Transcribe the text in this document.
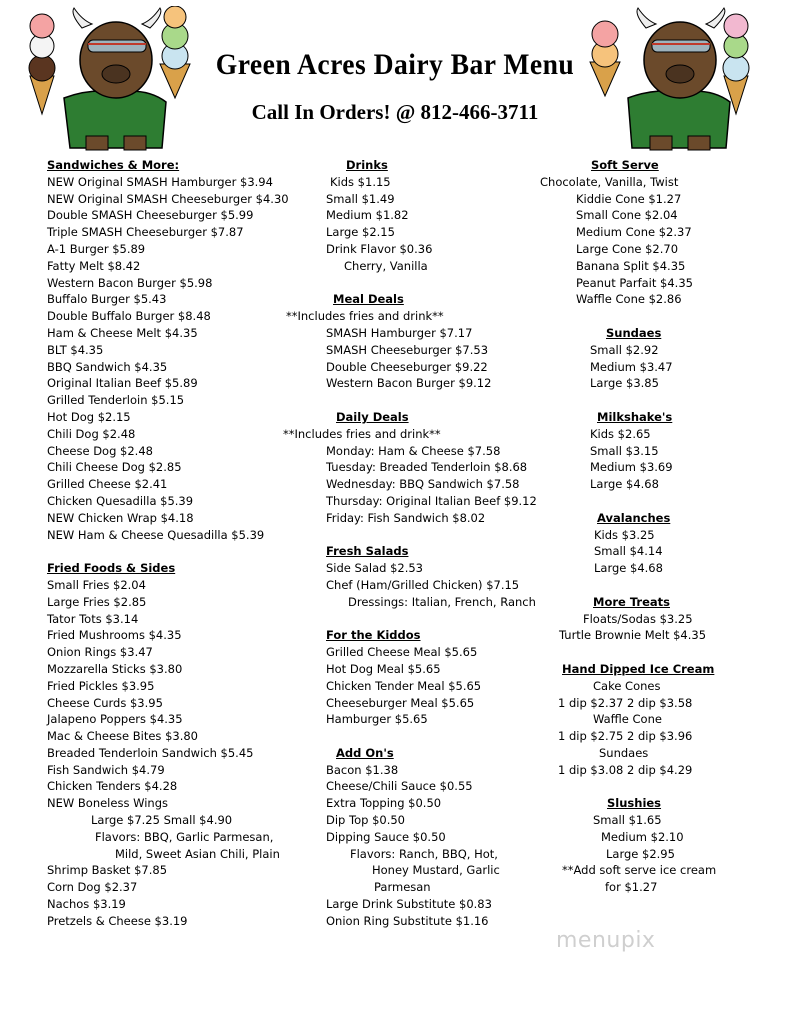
Green Acres Dairy Bar Menu
Call In Orders! @ 812-466-3711
Sandwiches & More:
NEW Original SMASH Hamburger $3.94
NEW Original SMASH Cheeseburger $4.30
Double SMASH Cheeseburger $5.99
Triple SMASH Cheeseburger $7.87
A-1 Burger $5.89
Fatty Melt $8.42
Western Bacon Burger $5.98
Buffalo Burger $5.43
Double Buffalo Burger $8.48
Ham & Cheese Melt $4.35
BLT $4.35
BBQ Sandwich $4.35
Original Italian Beef $5.89
Grilled Tenderloin $5.15
Hot Dog $2.15
Chili Dog $2.48
Cheese Dog $2.48
Chili Cheese Dog $2.85
Grilled Cheese $2.41
Chicken Quesadilla $5.39
NEW Chicken Wrap $4.18
NEW Ham & Cheese Quesadilla $5.39
Fried Foods & Sides
Small Fries $2.04
Large Fries $2.85
Tator Tots $3.14
Fried Mushrooms $4.35
Onion Rings $3.47
Mozzarella Sticks $3.80
Fried Pickles $3.95
Cheese Curds $3.95
Jalapeno Poppers $4.35
Mac & Cheese Bites $3.80
Breaded Tenderloin Sandwich $5.45
Fish Sandwich $4.79
Chicken Tenders $4.28
NEW Boneless Wings
Large $7.25 Small $4.90
Flavors: BBQ, Garlic Parmesan,
Mild, Sweet Asian Chili, Plain
Shrimp Basket $7.85
Corn Dog $2.37
Nachos $3.19
Pretzels & Cheese $3.19
Drinks
Kids $1.15
Small $1.49
Medium $1.82
Large $2.15
Drink Flavor $0.36
Cherry, Vanilla
Meal Deals
**Includes fries and drink**
SMASH Hamburger $7.17
SMASH Cheeseburger $7.53
Double Cheeseburger $9.22
Western Bacon Burger $9.12
Daily Deals
**Includes fries and drink**
Monday: Ham & Cheese $7.58
Tuesday: Breaded Tenderloin $8.68
Wednesday: BBQ Sandwich $7.58
Thursday: Original Italian Beef $9.12
Friday: Fish Sandwich $8.02
Fresh Salads
Side Salad $2.53
Chef (Ham/Grilled Chicken) $7.15
Dressings: Italian, French, Ranch
For the Kiddos
Grilled Cheese Meal $5.65
Hot Dog Meal $5.65
Chicken Tender Meal $5.65
Cheeseburger Meal $5.65
Hamburger $5.65
Add On's
Bacon $1.38
Cheese/Chili Sauce $0.55
Extra Topping $0.50
Dip Top $0.50
Dipping Sauce $0.50
Flavors: Ranch, BBQ, Hot,
Honey Mustard, Garlic
Parmesan
Large Drink Substitute $0.83
Onion Ring Substitute $1.16
Soft Serve
Chocolate, Vanilla, Twist
Kiddie Cone $1.27
Small Cone $2.04
Medium Cone $2.37
Large Cone $2.70
Banana Split $4.35
Peanut Parfait $4.35
Waffle Cone $2.86
Sundaes
Small $2.92
Medium $3.47
Large $3.85
Milkshake's
Kids $2.65
Small $3.15
Medium $3.69
Large $4.68
Avalanches
Kids $3.25
Small $4.14
Large $4.68
More Treats
Floats/Sodas $3.25
Turtle Brownie Melt $4.35
Hand Dipped Ice Cream
Cake Cones
1 dip $2.37 2 dip $3.58
Waffle Cone
1 dip $2.75 2 dip $3.96
Sundaes
1 dip $3.08 2 dip $4.29
Slushies
Small $1.65
Medium $2.10
Large $2.95
**Add soft serve ice cream
for $1.27
menupix
